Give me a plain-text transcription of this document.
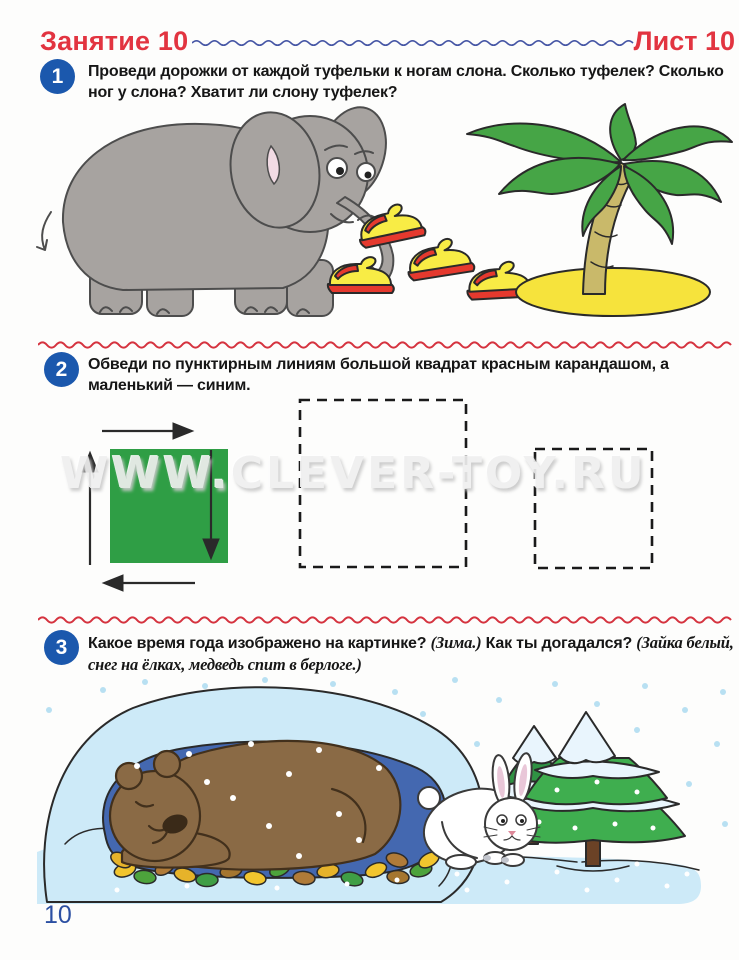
Занятие 10	Лист 10
1 Проведи дорожки от каждой туфельки к ногам слона. Сколько туфелек? Сколько ног у слона? Хватит ли слону туфелек?
2 Обведи по пунктирным линиям большой квадрат красным карандашом, а маленький — синим.
WWW.CLEVER-TOY.RU
3 Какое время года изображено на картинке? (Зима.) Как ты догадался? (Зайка белый, снег на ёлках, медведь спит в берлоге.)
10
